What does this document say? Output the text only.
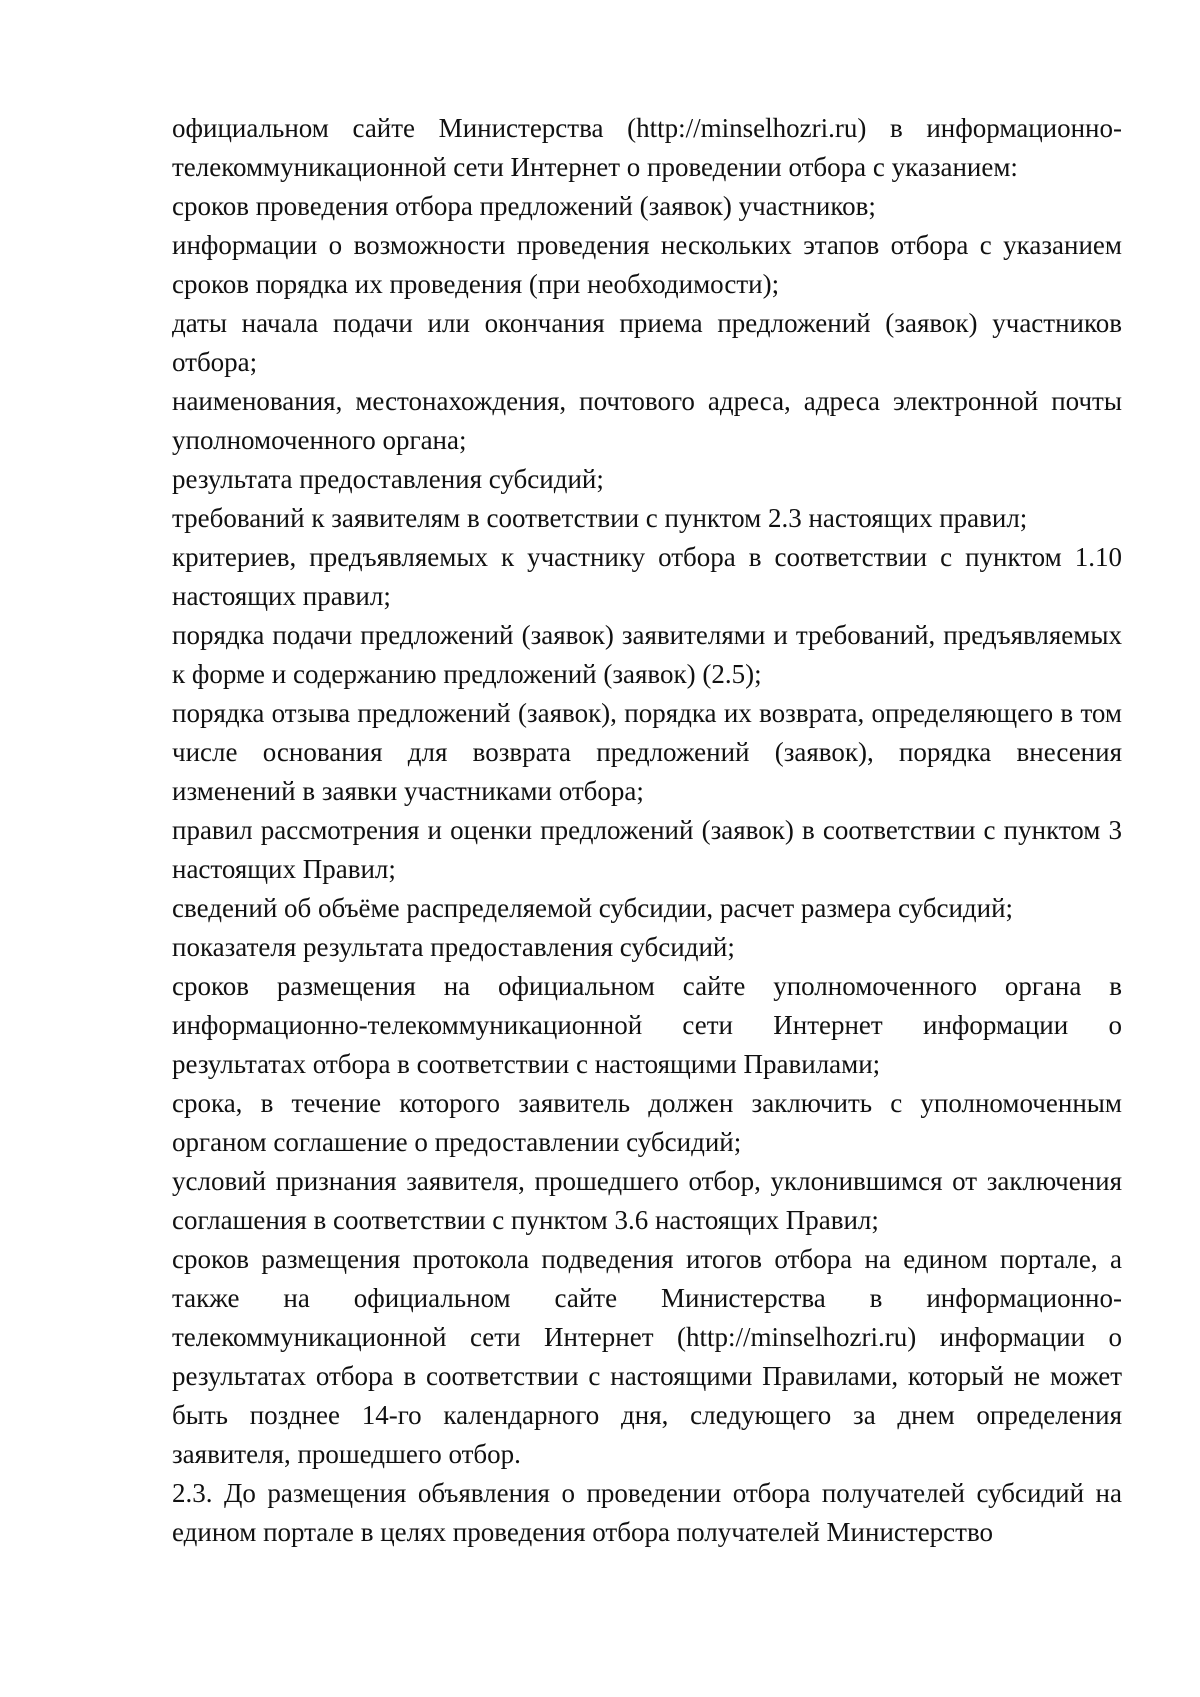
официальном сайте Министерства (http://minselhozri.ru) в информационно-телекоммуникационной сети Интернет о проведении отбора с указанием:

сроков проведения отбора предложений (заявок) участников;

информации о возможности проведения нескольких этапов отбора с указанием сроков порядка их проведения (при необходимости);

даты начала подачи или окончания приема предложений (заявок) участников отбора;

наименования, местонахождения, почтового адреса, адреса электронной почты уполномоченного органа;

результата предоставления субсидий;

требований к заявителям в соответствии с пунктом 2.3 настоящих правил;

критериев, предъявляемых к участнику отбора в соответствии с пунктом 1.10 настоящих правил;

порядка подачи предложений (заявок) заявителями и требований, предъявляемых к форме и содержанию предложений (заявок) (2.5);

порядка отзыва предложений (заявок), порядка их возврата, определяющего в том числе основания для возврата предложений (заявок), порядка внесения изменений в заявки участниками отбора;

правил рассмотрения и оценки предложений (заявок) в соответствии с пунктом 3 настоящих Правил;

сведений об объёме распределяемой субсидии, расчет размера субсидий;

показателя результата предоставления субсидий;

сроков размещения на официальном сайте уполномоченного органа в информационно-телекоммуникационной сети Интернет информации о результатах отбора в соответствии с настоящими Правилами;

срока, в течение которого заявитель должен заключить с уполномоченным органом соглашение о предоставлении субсидий;

условий признания заявителя, прошедшего отбор, уклонившимся от заключения соглашения в соответствии с пунктом 3.6 настоящих Правил;

сроков размещения протокола подведения итогов отбора на едином портале, а также на официальном сайте Министерства в информационно-телекоммуникационной сети Интернет (http://minselhozri.ru) информации о результатах отбора в соответствии с настоящими Правилами, который не может быть позднее 14-го календарного дня, следующего за днем определения заявителя, прошедшего отбор.

2.3. До размещения объявления о проведении отбора получателей субсидий на едином портале в целях проведения отбора получателей Министерство
